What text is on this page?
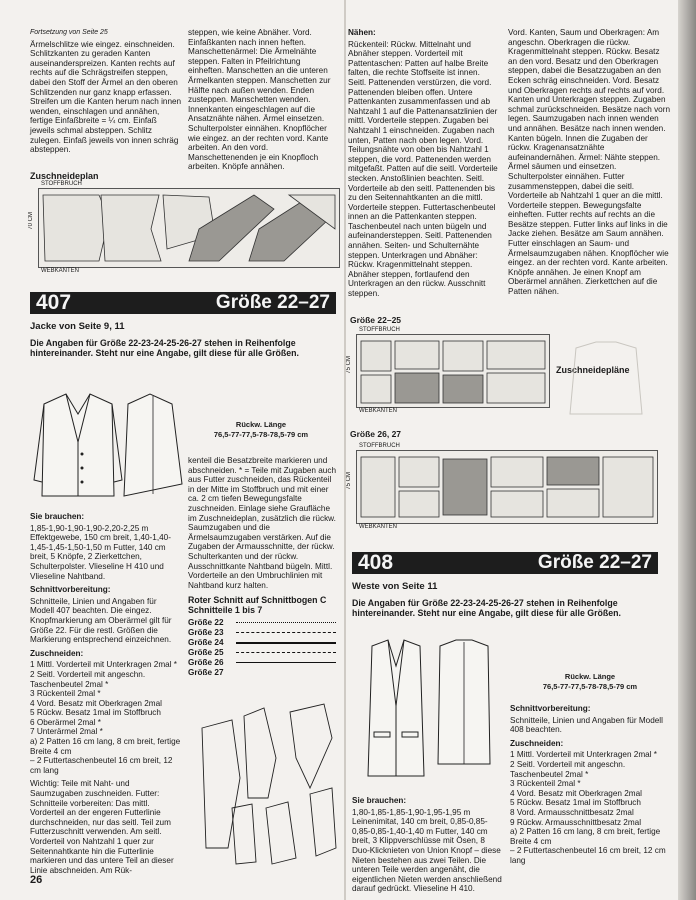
Fortsetzung von Seite 25

Ärmelschlitze wie eingez. einschneiden. Schlitzkanten zu geraden Kanten auseinanderspreizen. Kanten rechts auf rechts auf die Schrägstreifen steppen, dabei den Stoff der Ärmel an den oberen Schlitzenden nur ganz knapp erfassen. Streifen um die Kanten herum nach innen wenden, einschlagen und annähen, fertige Einfaßbreite = ¼ cm. Einfaß jeweils schmal absteppen. Schlitz zulegen. Einfaß jeweils von innen schräg absteppen.

steppen, wie keine Abnäher. Vord. Einfaßkanten nach innen heften. Manschettenärmel: Die Ärmelnähte steppen. Falten in Pfeilrichtung einheften. Manschetten an die unteren Ärmelkanten steppen. Manschetten zur Hälfte nach außen wenden. Enden zusteppen. Manschetten wenden. Innenkanten eingeschlagen auf die Ansatznähte nähen. Ärmel einsetzen. Schulterpolster einnähen. Knopflöcher wie eingez. an der rechten vord. Kante arbeiten. An den vord. Manschettenenden je ein Knopfloch arbeiten. Knöpfe annähen.

Zuschneideplan
STOFFBRUCH
WEBKANTEN
70 CM
407	Größe 22–27
Jacke von Seite 9, 11

Die Angaben für Größe 22-23-24-25-26-27 stehen in Reihenfolge hintereinander. Steht nur eine Angabe, gilt diese für alle Größen.

Rückw. Länge
76,5-77-77,5-78-78,5-79 cm

Sie brauchen:

1,85-1,90-1,90-1,90-2,20-2,25 m Effektgewebe, 150 cm breit, 1,40-1,40-1,45-1,45-1,50-1,50 m Futter, 140 cm breit, 5 Knöpfe, 2 Zierkettchen, Schulterpolster. Vlieseline H 410 und Vlieseline Nahtband.

Schnittvorbereitung:

Schnitteile, Linien und Angaben für Modell 407 beachten. Die eingez. Knopfmarkierung am Oberärmel gilt für Größe 22. Für die restl. Größen die Markierung entsprechend einzeichnen.

Zuschneiden:

1 Mittl. Vorderteil mit Unterkragen 2mal *
2 Seitl. Vorderteil mit angeschn. Taschenbeutel 2mal *
3 Rückenteil 2mal *
4 Vord. Besatz mit Oberkragen 2mal
5 Rückw. Besatz 1mal im Stoffbruch
6 Oberärmel 2mal *
7 Unterärmel 2mal *
a) 2 Patten 16 cm lang, 8 cm breit, fertige Breite 4 cm
– 2 Futtertaschenbeutel 16 cm breit, 12 cm lang

Wichtig: Teile mit Naht- und Saumzugaben zuschneiden. Futter: Schnitteile vorbereiten: Das mittl. Vorderteil an der engeren Futterlinie durchschneiden, nur das seitl. Teil zum Futterzuschnitt verwenden. Am seitl. Vorderteil von Nahtzahl 1 quer zur Seitennahtkante hin die Futterlinie markieren und das untere Teil an dieser Linie abschneiden. Am Rük-

kenteil die Besatzbreite markieren und abschneiden. * = Teile mit Zugaben auch aus Futter zuschneiden, das Rückenteil in der Mitte im Stoffbruch und mit einer ca. 2 cm tiefen Bewegungsfalte zuschneiden. Einlage siehe Graufläche im Zuschneideplan, zusätzlich die rückw. Saumzugaben und die Ärmelsaumzugaben verstärken. Auf die Zugaben der Armausschnitte, der rückw. Schulterkanten und der rückw. Ausschnittkante Nahtband bügeln. Mittl. Vorderteile an den Umbruchlinien mit Nahtband kurz halten.

Roter Schnitt auf Schnittbogen C Schnitteile 1 bis 7

Größe 22
Größe 23
Größe 24
Größe 25
Größe 26
Größe 27
26

Nähen:

Rückenteil: Rückw. Mittelnaht und Abnäher steppen. Vorderteil mit Pattentaschen: Patten auf halbe Breite falten, die rechte Stoffseite ist innen. Seitl. Pattenenden verstürzen, die vord. Pattenenden bleiben offen. Untere Pattenkanten zusammenfassen und ab Nahtzahl 1 auf die Pattenansatzlinien der mittl. Vorderteile steppen. Zugaben bei Nahtzahl 1 einschneiden. Zugaben nach unten, Patten nach oben legen. Vord. Teilungsnähte von oben bis Nahtzahl 1 steppen, die vord. Pattenenden werden mitgefaßt. Patten auf die seitl. Vorderteile stecken. Anstoßlinien beachten. Seitl. Vorderteile ab den seitl. Pattenenden bis zu den Seitennahtkanten an die mittl. Vorderteile steppen. Futtertaschenbeutel innen an die Pattenkanten steppen. Taschenbeutel nach unten bügeln und aufeinandersteppen. Seitl. Pattenenden annähen. Seiten- und Schulternähte steppen. Unterkragen und Abnäher: Rückw. Kragenmittelnaht steppen. Abnäher steppen, fortlaufend den Unterkragen an den rückw. Ausschnitt steppen.

Vord. Kanten, Saum und Oberkragen: Am angeschn. Oberkragen die rückw. Kragenmittelnaht steppen. Rückw. Besatz an den vord. Besatz und den Oberkragen steppen, dabei die Besatzzugaben an den Ecken schräg einschneiden. Vord. Besatz und Oberkragen rechts auf rechts auf vord. Kanten und Unterkragen steppen. Zugaben schmal zurückschneiden. Besätze nach vorn legen. Saumzugaben nach innen wenden und annähen. Besätze nach innen wenden. Kanten bügeln. Innen die Zugaben der rückw. Kragenansatznähte aufeinandernähen. Ärmel: Nähte steppen. Ärmel säumen und einsetzen. Schulterpolster einnähen. Futter zusammensteppen, dabei die seitl. Vorderteile ab Nahtzahl 1 quer an die mittl. Vorderteile steppen. Bewegungsfalte einheften. Futter rechts auf rechts an die Besätze steppen. Futter links auf links in die Jacke ziehen. Besätze am Saum annähen. Futter einschlagen an Saum- und Ärmelsaumzugaben nähen. Knopflöcher wie eingez. an der rechten vord. Kante arbeiten. Knöpfe annähen. Je einen Knopf am Oberärmel annähen. Zierkettchen auf die Patten nähen.

Größe 22–25
STOFFBRUCH
WEBKANTEN
75 CM	Zuschneidepläne
Größe 26, 27
STOFFBRUCH
WEBKANTEN
75 CM
408	Größe 22–27
Weste von Seite 11

Die Angaben für Größe 22-23-24-25-26-27 stehen in Reihenfolge hintereinander. Steht nur eine Angabe, gilt diese für alle Größen.

Rückw. Länge
76,5-77-77,5-78-78,5-79 cm

Sie brauchen:

1,80-1,85-1,85-1,90-1,95-1,95 m Leinenimitat, 140 cm breit, 0,85-0,85-0,85-0,85-1,40-1,40 m Futter, 140 cm breit, 3 Klippverschlüsse mit Ösen, 8 Duo-Klicknieten von Union Knopf – diese Nieten bestehen aus zwei Teilen. Die unteren Teile werden angenäht, die eigentlichen Nieten werden anschließend darauf gedrückt. Vlieseline H 410.

Schnittvorbereitung:

Schnitteile, Linien und Angaben für Modell 408 beachten.

Zuschneiden:

1 Mittl. Vorderteil mit Unterkragen 2mal *
2 Seitl. Vorderteil mit angeschn. Taschenbeutel 2mal *
3 Rückenteil 2mal *
4 Vord. Besatz mit Oberkragen 2mal
5 Rückw. Besatz 1mal im Stoffbruch
8 Vord. Armausschnittbesatz 2mal
9 Rückw. Armausschnittbesatz 2mal
a) 2 Patten 16 cm lang, 8 cm breit, fertige Breite 4 cm
– 2 Futtertaschenbeutel 16 cm breit, 12 cm lang
